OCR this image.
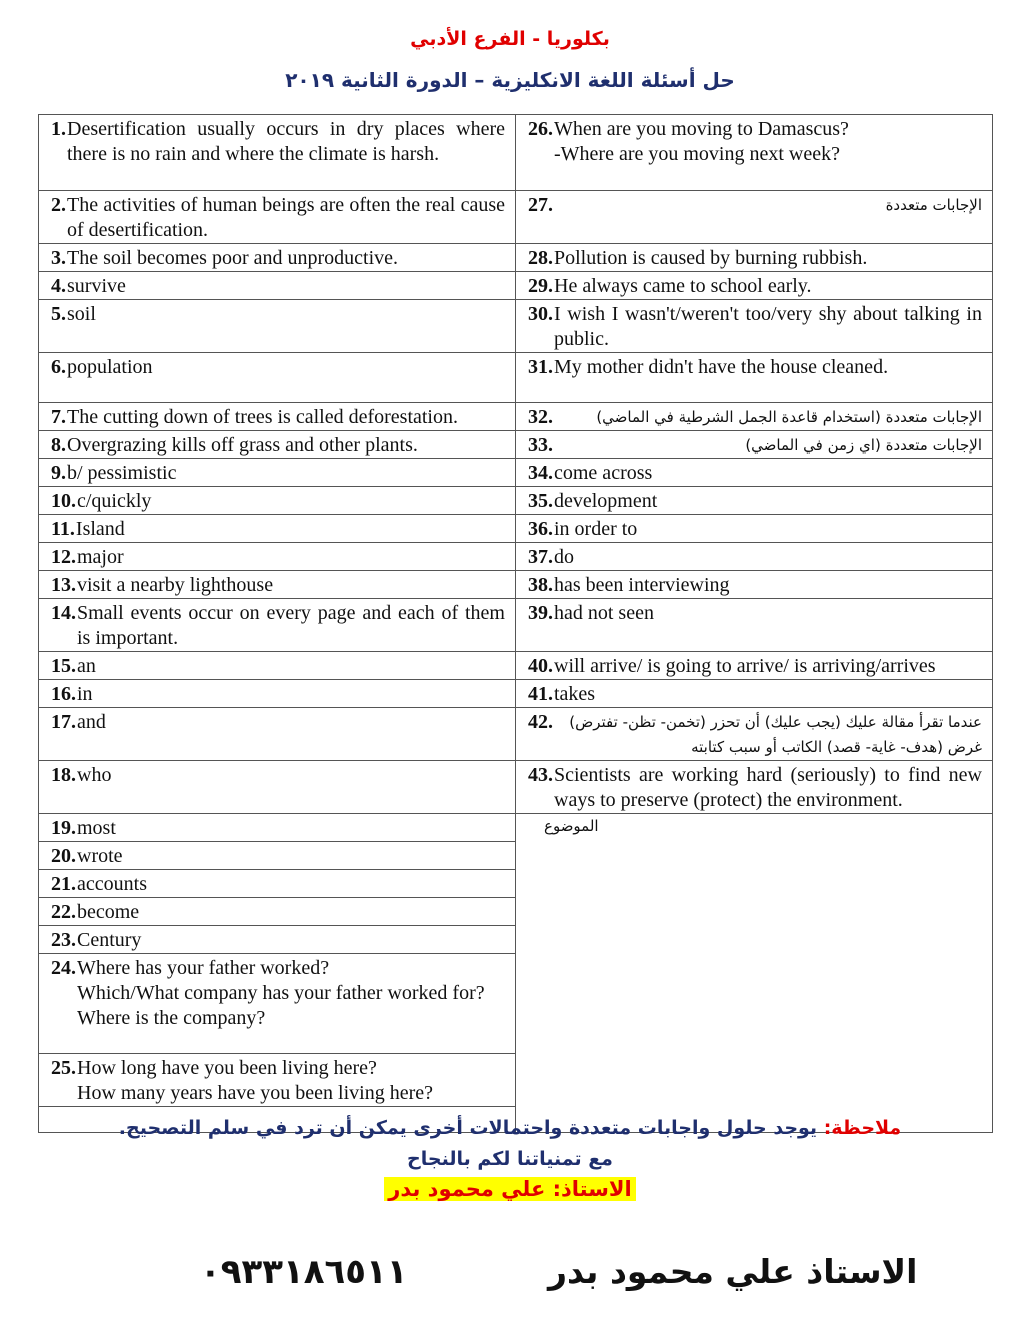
بكلوريا - الفرع الأدبي
حل أسئلة اللغة الانكليزية – الدورة الثانية ٢٠١٩
1. Desertification usually occurs in dry places where there is no rain and where the climate is harsh.	26. When are you moving to Damascus?
-Where are you moving next week?

2. The activities of human beings are often the real cause of desertification.	27. الإجابات متعددة

3. The soil becomes poor and unproductive.	28. Pollution is caused by burning rubbish.

4. survive	29. He always came to school early.

5. soil	30. I wish I wasn't/weren't too/very shy about talking in public.

6. population	31. My mother didn't have the house cleaned.

7. The cutting down of trees is called deforestation.	32. الإجابات متعددة (استخدام قاعدة الجمل الشرطية في الماضي)

8. Overgrazing kills off grass and other plants.	33. الإجابات متعددة (اي زمن في الماضي)

9. b/ pessimistic	34. come across

10. c/quickly	35. development

11. Island	36. in order to

12. major	37. do

13. visit a nearby lighthouse	38. has been interviewing

14. Small events occur on every page and each of them is important.	39. had not seen

15. an	40. will arrive/ is going to arrive/ is arriving/arrives

16. in	41. takes

17. and	42. عندما تقرأ مقالة عليك (يجب عليك) أن تحزر (تخمن- تظن- تفترض) غرض (هدف- غاية- قصد) الكاتب أو سبب كتابته

18. who	43. Scientists are working hard (seriously) to find new ways to preserve (protect) the environment.

19. most	الموضوع

20. wrote	

21. accounts	

22. become	

23. Century	

24. Where has your father worked?
Which/What company has your father worked for?
Where is the company?	

25. How long have you been living here?
How many years have you been living here?	

ملاحظة: يوجد حلول واجابات متعددة واحتمالات أخرى يمكن أن ترد في سلم التصحيح.
مع تمنياتنا لكم بالنجاح
الاستاذ: علي محمود بدر
الاستاذ علي محمود بدر
٠٩٣٣١٨٦٥١١
